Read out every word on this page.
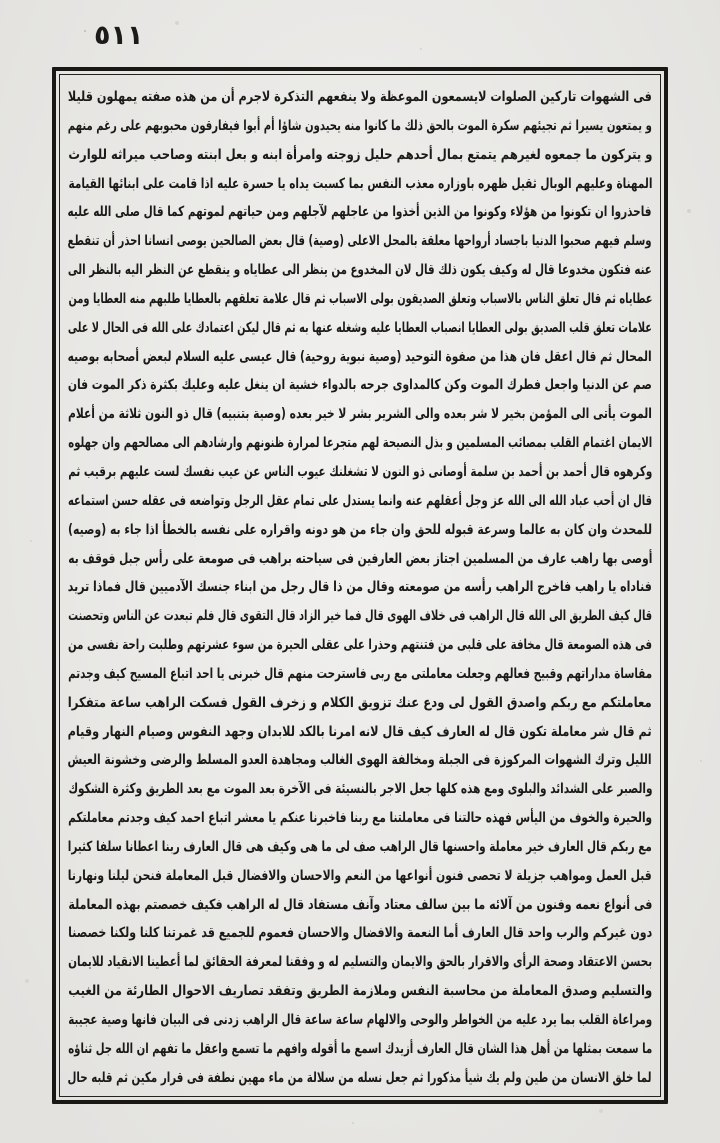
٥١١
فى الشهوات تاركين الصلوات لايسمعون الموعظة ولا ينفعهم التذكرة لاجرم أن من هذه صفته يمهلون قليلا
و يمتعون يسيرا ثم تجيئهم سكرة الموت بالحق ذلك ما كانوا منه يحيدون شاؤا أم أبوا فيفارقون محبوبهم على رغم منهم
و يتركون ما جمعوه لغيرهم يتمتع بمال أحدهم حليل زوجته وامرأة ابنه و بعل ابنته وصاحب ميراثه للوارث
المهناة وعليهم الوبال ثقيل ظهره باوزاره معذب النفس بما كسبت يداه يا حسرة عليه اذا قامت على ابنائها القيامة
فاحذروا ان تكونوا من هؤلاء وكونوا من الذين أخذوا من عاجلهم لآجلهم ومن حياتهم لموتهم كما قال صلى الله عليه
وسلم فيهم صحبوا الدنيا باجساد أرواحها معلقة بالمحل الاعلى (وصية) قال بعض الصالحين يوصى انسانا احذر أن تنقطع
عنه فتكون مخدوعا قال له وكيف يكون ذلك قال لان المخدوع من ينظر الى عطاياه و ينقطع عن النظر اليه بالنظر الى
عطاياه ثم قال تعلق الناس بالاسباب وتعلق الصديقون بولى الاسباب ثم قال علامة تعلقهم بالعطايا طلبهم منه العطايا ومن
علامات تعلق قلب الصديق بولى العطايا انصباب العطايا عليه وشغله عنها به ثم قال ليكن اعتمادك على الله فى الحال لا على
المحال ثم قال اعقل فان هذا من صفوة التوحيد (وصية نبوية روحية) قال عيسى عليه السلام لبعض أصحابه بوصيه
صم عن الدنيا واجعل فطرك الموت وكن كالمداوى جرحه بالدواء خشية ان ينغل عليه وعليك بكثرة ذكر الموت فان
الموت يأتى الى المؤمن بخير لا شر بعده والى الشرير بشر لا خير بعده (وصية بتنبيه) قال ذو النون ثلاثة من أعلام
الايمان اغتمام القلب بمصائب المسلمين و بذل النصيحة لهم متجرعا لمرارة ظنونهم وارشادهم الى مصالحهم وان جهلوه
وكرهوه قال أحمد بن أحمد بن سلمة أوصانى ذو النون لا تشغلنك عيوب الناس عن عيب نفسك لست عليهم برقيب ثم
قال ان أحب عباد الله الى الله عز وجل أعقلهم عنه وانما يستدل على تمام عقل الرجل وتواضعه فى عقله حسن استماعه
للمحدث وان كان به عالما وسرعة قبوله للحق وان جاء من هو دونه واقراره على نفسه بالخطأ اذا جاء به (وصيه)
أوصى بها راهب عارف من المسلمين اجتاز بعض العارفين فى سياحته براهب فى صومعة على رأس جبل فوقف به
فناداه يا راهب فاخرج الراهب رأسه من صومعته وقال من ذا قال رجل من ابناء جنسك الآدميين قال فماذا تريد
قال كيف الطريق الى الله قال الراهب فى خلاف الهوى قال فما خير الزاد قال التقوى قال فلم تبعدت عن الناس وتحصنت
فى هذه الصومعة قال مخافة على قلبى من فتنتهم وحذرا على عقلى الحيرة من سوء عشرتهم وطلبت راحة نفسى من
مقاساة مداراتهم وقبيح فعالهم وجعلت معاملتى مع ربى فاسترحت منهم قال خبرنى يا احد اتباع المسيح كيف وجدتم
معاملتكم مع ربكم واصدق القول لى ودع عنك تزويق الكلام و زخرف القول فسكت الراهب ساعة متفكرا
ثم قال شر معاملة تكون قال له العارف كيف قال لانه امرنا بالكد للابدان وجهد النفوس وصيام النهار وقيام
الليل وترك الشهوات المركوزة فى الجبلة ومخالفة الهوى الغالب ومجاهدة العدو المسلط والرضى وخشونة العيش
والصبر على الشدائد والبلوى ومع هذه كلها جعل الاجر بالنسيئة فى الآخرة بعد الموت مع بعد الطريق وكثرة الشكوك
والحيرة والخوف من اليأس فهذه حالتنا فى معاملتنا مع ربنا فاخبرنا عنكم يا معشر اتباع احمد كيف وجدتم معاملتكم
مع ربكم قال العارف خير معاملة واحسنها قال الراهب صف لى ما هى وكيف هى قال العارف ربنا اعطانا سلفا كثيرا
قبل العمل ومواهب جزيلة لا تحصى فنون أنواعها من النعم والاحسان والافضال قبل المعاملة فنحن ليلنا ونهارنا
فى أنواع نعمه وفنون من آلائه ما بين سالف معتاد وآنف مستفاد قال له الراهب فكيف خصصتم بهذه المعاملة
دون غيركم والرب واحد قال العارف أما النعمة والافضال والاحسان فعموم للجميع قد غمرتنا كلنا ولكنا خصصنا
بحسن الاعتقاد وصحة الرأى والاقرار بالحق والايمان والتسليم له و وفقنا لمعرفة الحقائق لما أعطينا الانقياد للايمان
والتسليم وصدق المعاملة من محاسبة النفس وملازمة الطريق وتفقد تصاريف الاحوال الطارئة من الغيب
ومراعاة القلب بما يرد عليه من الخواطر والوحى والالهام ساعة ساعة قال الراهب زدنى فى البيان فانها وصية عجيبة
ما سمعت بمثلها من أهل هذا الشان قال العارف أزيدك اسمع ما أقوله وافهم ما تسمع واعقل ما تفهم ان الله جل ثناؤه
لما خلق الانسان من طين ولم يك شيأ مذكورا ثم جعل نسله من سلالة من ماء مهين نطفة فى قرار مكين ثم قلبه حال
